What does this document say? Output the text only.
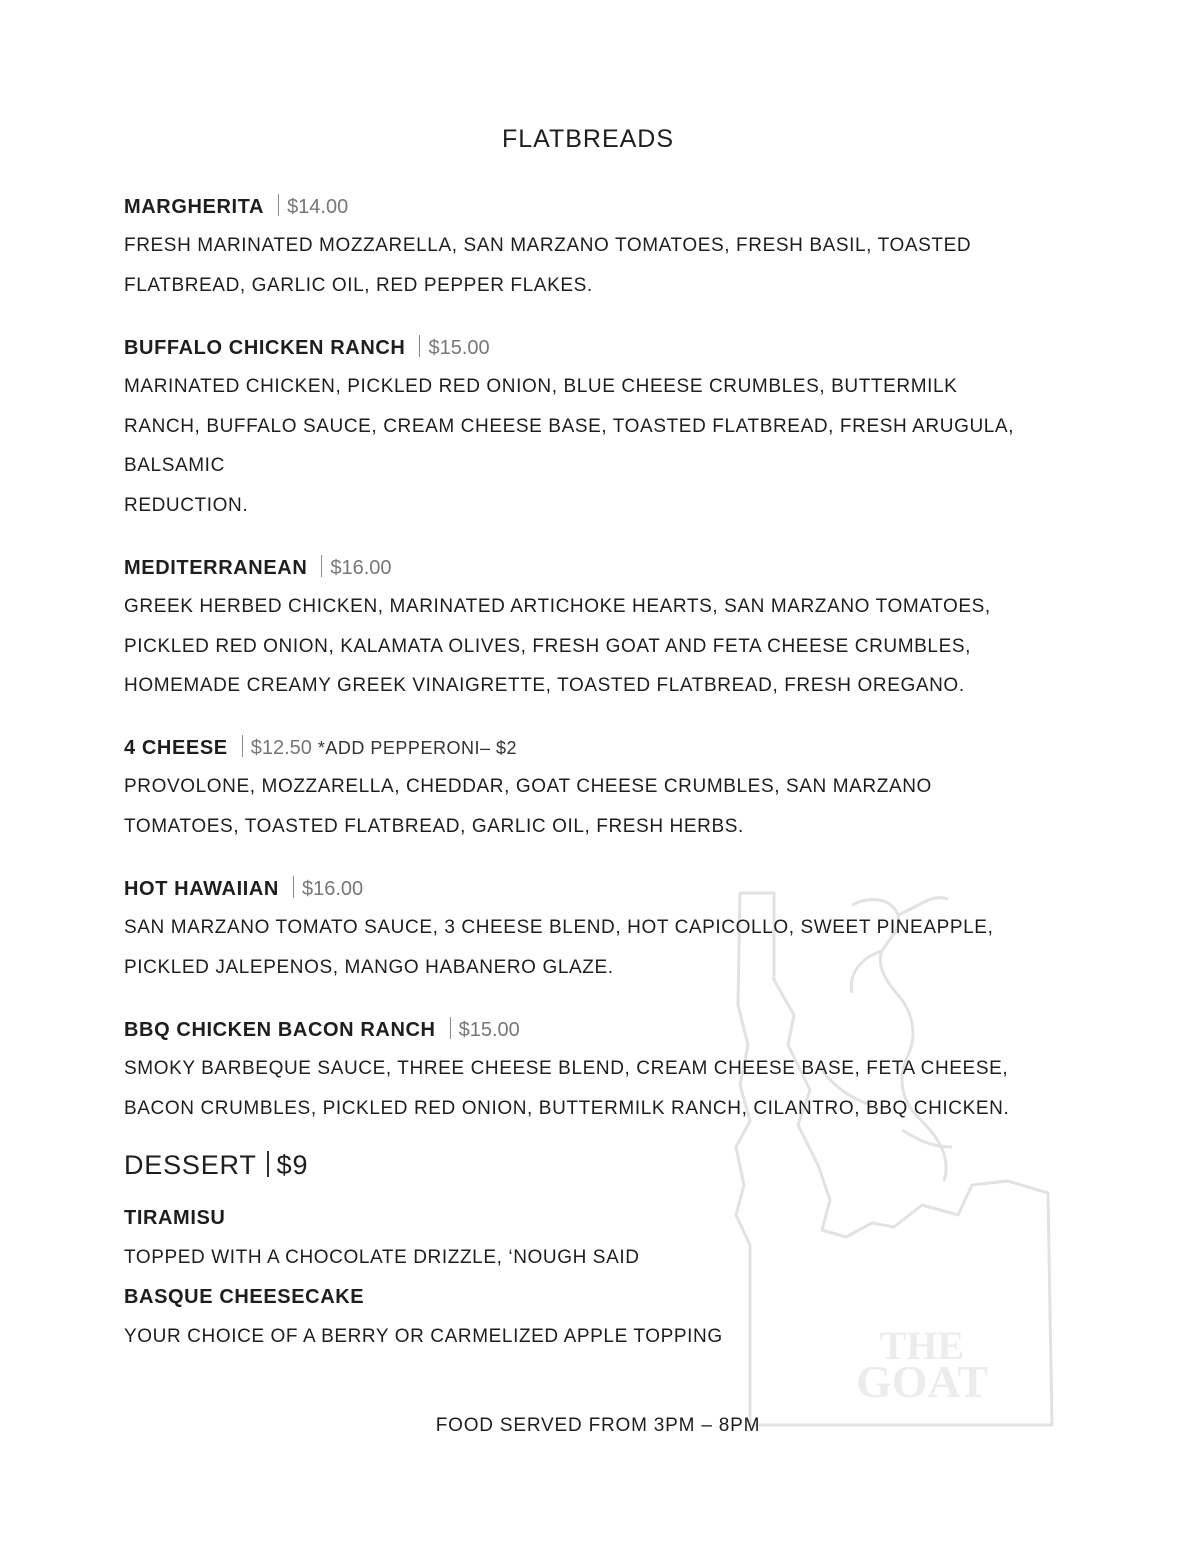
THE
GOAT
FLATBREADS
MARGHERITA $14.00
FRESH MARINATED MOZZARELLA, SAN MARZANO TOMATOES, FRESH BASIL, TOASTED
FLATBREAD, GARLIC OIL, RED PEPPER FLAKES.
BUFFALO CHICKEN RANCH $15.00
MARINATED CHICKEN, PICKLED RED ONION, BLUE CHEESE CRUMBLES, BUTTERMILK
RANCH, BUFFALO SAUCE, CREAM CHEESE BASE, TOASTED FLATBREAD, FRESH ARUGULA,
BALSAMIC
REDUCTION.
MEDITERRANEAN $16.00
GREEK HERBED CHICKEN, MARINATED ARTICHOKE HEARTS, SAN MARZANO TOMATOES,
PICKLED RED ONION, KALAMATA OLIVES, FRESH GOAT AND FETA CHEESE CRUMBLES,
HOMEMADE CREAMY GREEK VINAIGRETTE, TOASTED FLATBREAD, FRESH OREGANO.
4 CHEESE $12.50 *ADD PEPPERONI– $2
PROVOLONE, MOZZARELLA, CHEDDAR, GOAT CHEESE CRUMBLES, SAN MARZANO
TOMATOES, TOASTED FLATBREAD, GARLIC OIL, FRESH HERBS.
HOT HAWAIIAN $16.00
SAN MARZANO TOMATO SAUCE, 3 CHEESE BLEND, HOT CAPICOLLO, SWEET PINEAPPLE,
PICKLED JALEPENOS, MANGO HABANERO GLAZE.
BBQ CHICKEN BACON RANCH $15.00
SMOKY BARBEQUE SAUCE, THREE CHEESE BLEND, CREAM CHEESE BASE, FETA CHEESE,
BACON CRUMBLES, PICKLED RED ONION, BUTTERMILK RANCH, CILANTRO, BBQ CHICKEN.
DESSERT $9
TIRAMISU
TOPPED WITH A CHOCOLATE DRIZZLE, ‘NOUGH SAID
BASQUE CHEESECAKE
YOUR CHOICE OF A BERRY OR CARMELIZED APPLE TOPPING
FOOD SERVED FROM 3PM – 8PM
